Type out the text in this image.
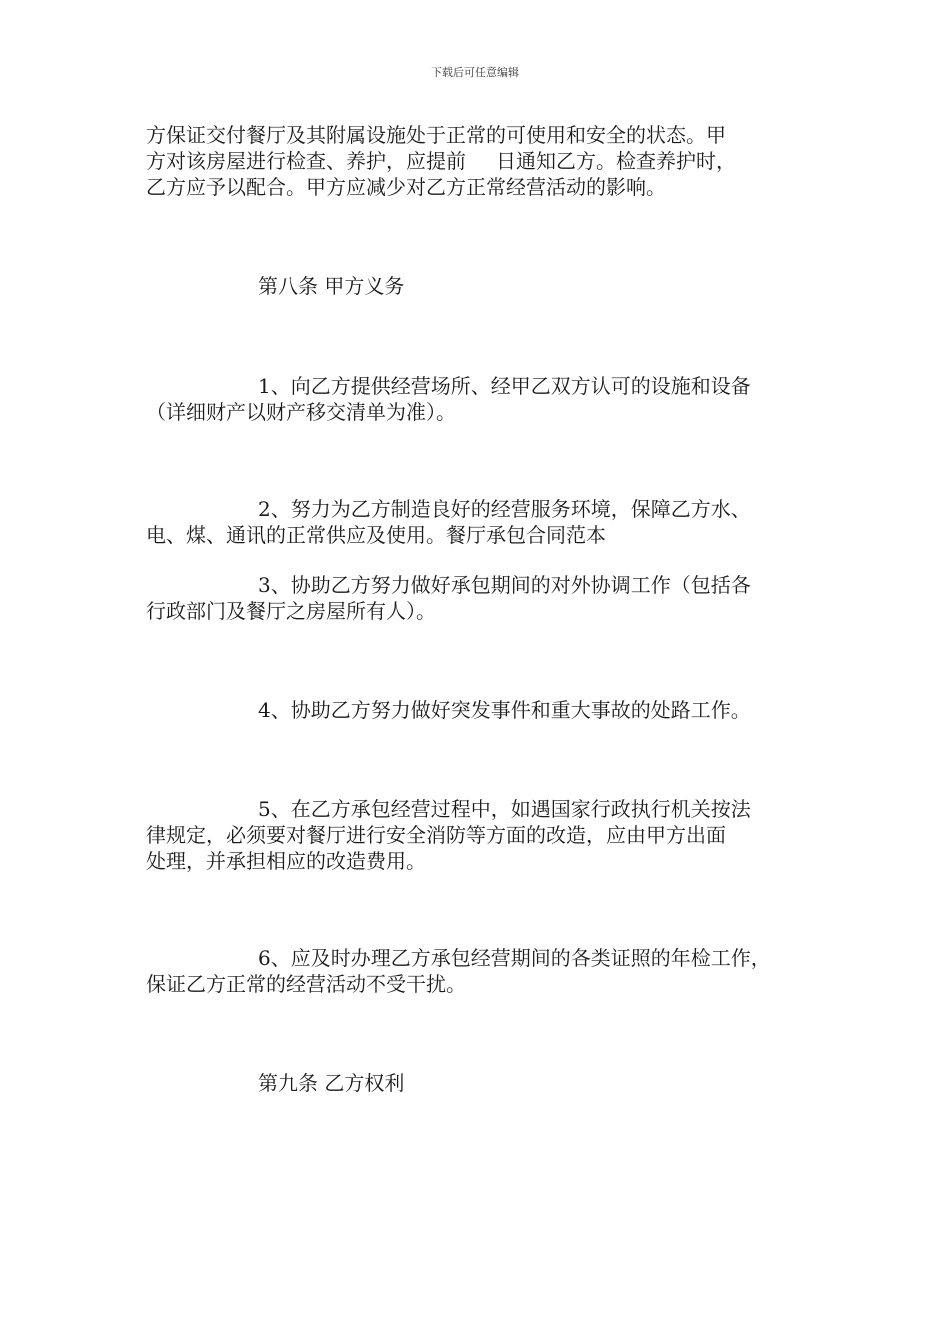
下载后可任意编辑
方保证交付餐厅及其附属设施处于正常的可使用和安全的状态。甲
方对该房屋进行检查、养护，应提前 日通知乙方。检查养护时，
乙方应予以配合。甲方应减少对乙方正常经营活动的影响。
第八条 甲方义务
1、向乙方提供经营场所、经甲乙双方认可的设施和设备
（详细财产以财产移交清单为准）。
2、努力为乙方制造良好的经营服务环境，保障乙方水、
电、煤、通讯的正常供应及使用。餐厅承包合同范本
3、协助乙方努力做好承包期间的对外协调工作（包括各
行政部门及餐厅之房屋所有人）。
4、协助乙方努力做好突发事件和重大事故的处路工作。
5、在乙方承包经营过程中，如遇国家行政执行机关按法
律规定，必须要对餐厅进行安全消防等方面的改造，应由甲方出面
处理，并承担相应的改造费用。
6、应及时办理乙方承包经营期间的各类证照的年检工作，
保证乙方正常的经营活动不受干扰。
第九条 乙方权利
